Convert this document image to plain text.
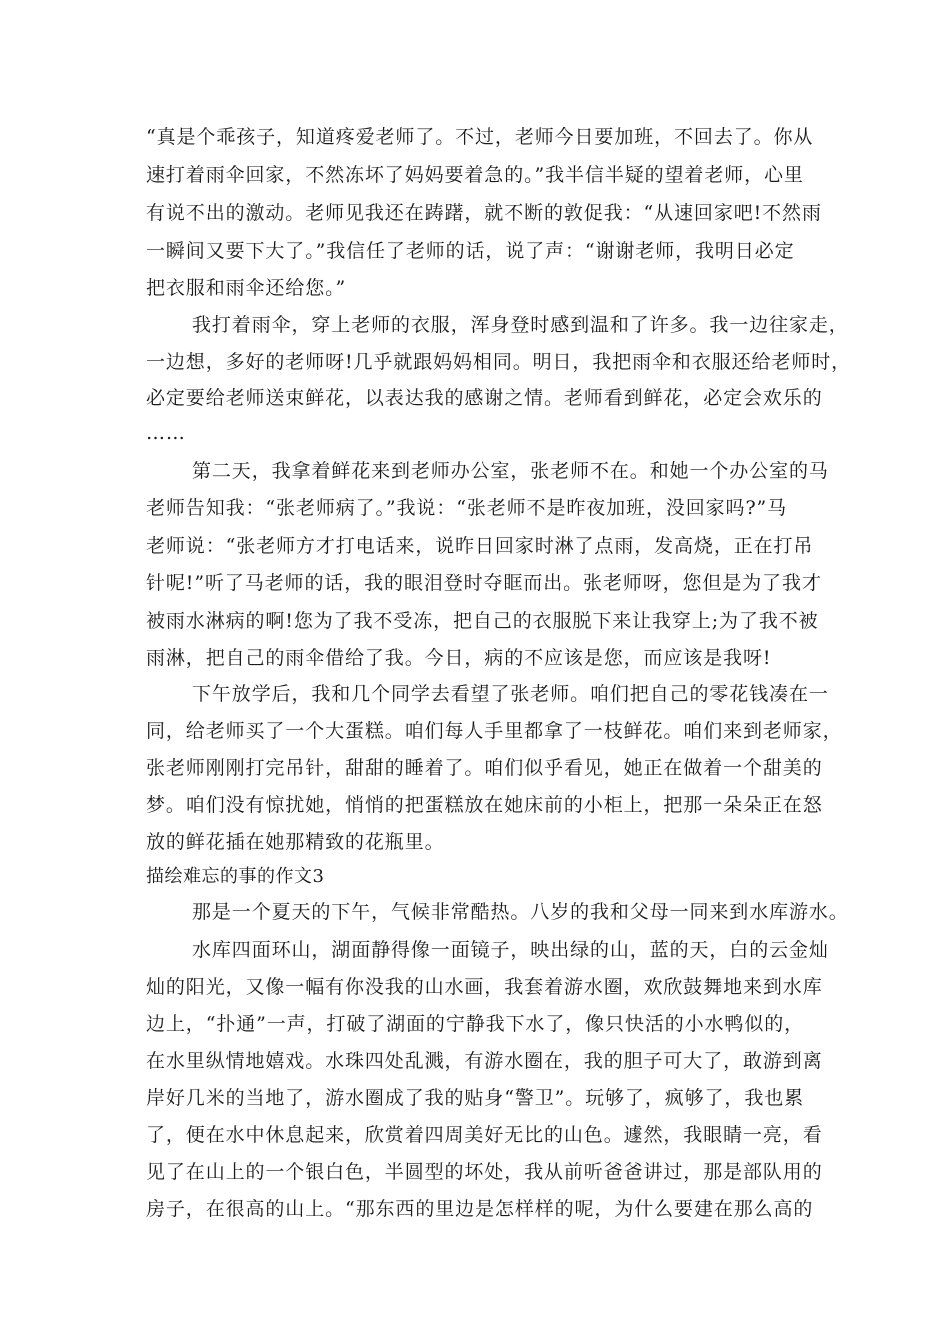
“真是个乖孩子，知道疼爱老师了。不过，老师今日要加班，不回去了。你从
速打着雨伞回家，不然冻坏了妈妈要着急的。”我半信半疑的望着老师，心里
有说不出的激动。老师见我还在踌躇，就不断的敦促我：“从速回家吧!不然雨
一瞬间又要下大了。”我信任了老师的话，说了声：“谢谢老师，我明日必定
把衣服和雨伞还给您。”
我打着雨伞，穿上老师的衣服，浑身登时感到温和了许多。我一边往家走，
一边想，多好的老师呀!几乎就跟妈妈相同。明日，我把雨伞和衣服还给老师时，
必定要给老师送束鲜花，以表达我的感谢之情。老师看到鲜花，必定会欢乐的
……
第二天，我拿着鲜花来到老师办公室，张老师不在。和她一个办公室的马
老师告知我：“张老师病了。”我说：“张老师不是昨夜加班，没回家吗?”马
老师说：“张老师方才打电话来，说昨日回家时淋了点雨，发高烧，正在打吊
针呢!”听了马老师的话，我的眼泪登时夺眶而出。张老师呀，您但是为了我才
被雨水淋病的啊!您为了我不受冻，把自己的衣服脱下来让我穿上;为了我不被
雨淋，把自己的雨伞借给了我。今日，病的不应该是您，而应该是我呀!
下午放学后，我和几个同学去看望了张老师。咱们把自己的零花钱凑在一
同，给老师买了一个大蛋糕。咱们每人手里都拿了一枝鲜花。咱们来到老师家，
张老师刚刚打完吊针，甜甜的睡着了。咱们似乎看见，她正在做着一个甜美的
梦。咱们没有惊扰她，悄悄的把蛋糕放在她床前的小柜上，把那一朵朵正在怒
放的鲜花插在她那精致的花瓶里。
描绘难忘的事的作文3
那是一个夏天的下午，气候非常酷热。八岁的我和父母一同来到水库游水。
水库四面环山，湖面静得像一面镜子，映出绿的山，蓝的天，白的云金灿
灿的阳光，又像一幅有你没我的山水画，我套着游水圈，欢欣鼓舞地来到水库
边上，“扑通”一声，打破了湖面的宁静我下水了，像只快活的小水鸭似的，
在水里纵情地嬉戏。水珠四处乱溅，有游水圈在，我的胆子可大了，敢游到离
岸好几米的当地了，游水圈成了我的贴身“警卫”。玩够了，疯够了，我也累
了，便在水中休息起来，欣赏着四周美好无比的山色。遽然，我眼睛一亮，看
见了在山上的一个银白色，半圆型的坏处，我从前听爸爸讲过，那是部队用的
房子，在很高的山上。“那东西的里边是怎样样的呢，为什么要建在那么高的
